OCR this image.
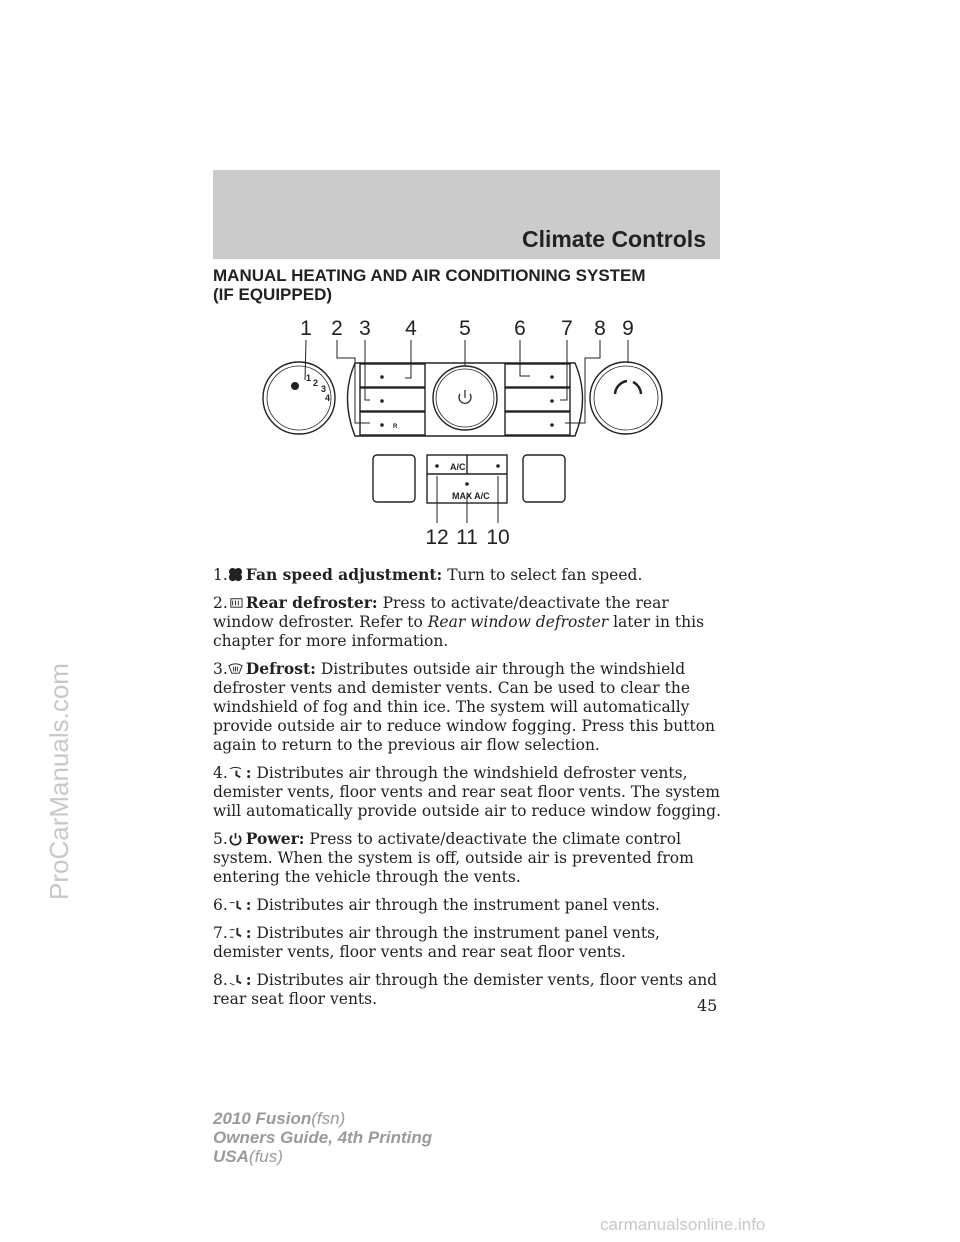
Climate Controls
MANUAL HEATING AND AIR CONDITIONING SYSTEM
(IF EQUIPPED)
1 2 3 4 5 6 7 8 9
10
11
12
1 2
3
4
A/C
MAX A/C
R
1. Fan speed adjustment: Turn to select fan speed.
2. Rear defroster: Press to activate/deactivate the rear window defroster. Refer to Rear window defroster later in this chapter for more information.
3. Defrost: Distributes outside air through the windshield defroster vents and demister vents. Can be used to clear the windshield of fog and thin ice. The system will automatically provide outside air to reduce window fogging. Press this button again to return to the previous air flow selection.
4. : Distributes air through the windshield defroster vents, demister vents, floor vents and rear seat floor vents. The system will automatically provide outside air to reduce window fogging.
5. Power: Press to activate/deactivate the climate control system. When the system is off, outside air is prevented from entering the vehicle through the vents.
6. : Distributes air through the instrument panel vents.
7. : Distributes air through the instrument panel vents, demister vents, floor vents and rear seat floor vents.
8. : Distributes air through the demister vents, floor vents and rear seat floor vents.	45
2010 Fusion(fsn)
Owners Guide, 4th Printing
USA(fus)
ProCarManuals.com
carmanualsonline.info
